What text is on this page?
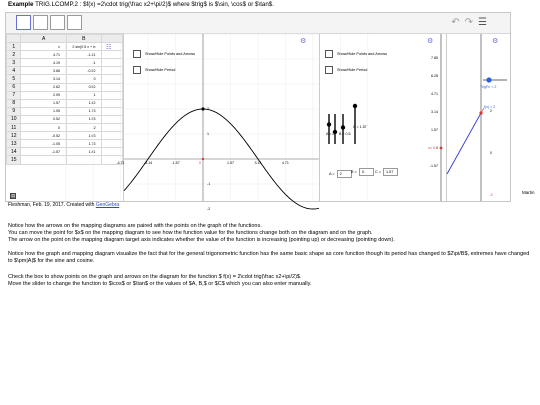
Example TRIG.LCOMP.2 : $f(x) =2\cdot trig(\frac x2+\pi/2)$ where $trig$ is $\sin, \cos$ or $\tan$.
↶↷☰
	A	B	
1	x	2 sin(0.5 x + π	
2	4.71	-1.41	
3	4.19	-1	
4	3.66	-0.52	
5	3.14	0	
6	2.62	0.52	
7	2.09	1	
8	1.57	1.42	
9	1.05	1.73	
10	0.52	1.93	
11	0	2	
12	-0.52	1.93	
13	-1.05	1.73	
14	-1.57	1.41	
15			
☷
▤
-4.71	-3.14	-1.57	0	1.57	3.14	4.71
2
1
-1
-2
Show/Hide Points and Arrows
Show/Hide Period
⚙
7.85
6.28
4.71
3.14
1.57
0
-1.57
x= 0
Show/Hide Points and Arrows
Show/Hide Period
A = 2 B = 0.5
C = 1.57
A =	2	B =	0.	C =	1.57
⚙
2
0
-2
f(x) = 2
TrigFn = 2
⚙
Fleshman, Feb. 19, 2017. Created with GeoGebra
Martin
Notice how the arrows on the mapping diagrams are paired with the points on the graph of the functions.
You can move the point for $x$ on the mapping diagram to see how the function value for the functions change both on the diagram and on the graph.
The arrow on the point on the mapping diagram target axis indicates whether the value of the function is increasing (pointing up) or decreasing (pointing down).
Notice how the graph and mapping diagram visualize the fact that for the general trigonometric function has the same basic shape as core function though its period has changed to $2\pi/B$, extremes have changed to $\pm|A|$ for the sine and cosine.
Check the box to show points on the graph and arrows on the diagram for the function $ f(x) = 2\cdot trig(\frac x2+\pi/2)$.
Move the slider to change the function to $\cos$ or $\tan$ or the values of $A, B,$ or $C$ which you can also enter manually.
